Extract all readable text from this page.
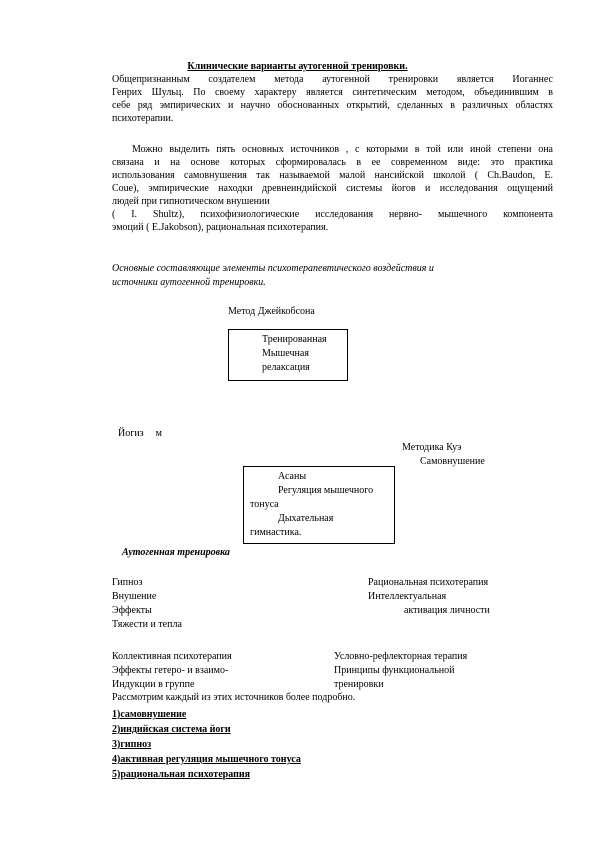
Клинические варианты аутогенной тренировки.
Общепризнанным создателем метода аутогенной тренировки является Иоганнес
Генрих Шульц. По своему характеру является синтетическим методом, объединившим в
себе ряд эмпирических и научно обоснованных открытий, сделанных в различных областях
психотерапии.
Можно выделить пять основных источников , с которыми в той или иной степени она
связана и на основе которых сформировалась в ее современном виде: это практика
использования самовнушения так называемой малой нансийской школой ( Ch.Baudon, E.
Coue), эмпирические находки древнеиндийской системы йогов и исследования ощущений
людей при гипнотическом внушении
( I. Shultz), психофизиологические исследования нервно- мышечного компонента
эмоций ( E.Jakobson), рациональная психотерапия.
Основные составляющие элементы психотерапевтического воздействия и
источники аутогенной тренировки.
Метод Джейкобсона
Тренированная
Мышечная
релаксация
Йогиз м
Методика Куэ
Самовнушение
Асаны
Регуляция мышечного
тонуса
Дыхательная
гимнастика.
Аутогенная тренировка
Гипноз
Внушение
Эффекты
Тяжести и тепла
Рациональная психотерапия
Интеллектуальная
активация личности
Коллективная психотерапия
Эффекты гетеро- и взаимо-
Индукции в группе
Условно-рефлекторная терапия
Принципы функциональной
тренировки
Рассмотрим каждый из этих источников более подробно.
1)самовнушение
2)индийская система йоги
3)гипноз
4)активная регуляция мышечного тонуса
5)рациональная психотерапия
